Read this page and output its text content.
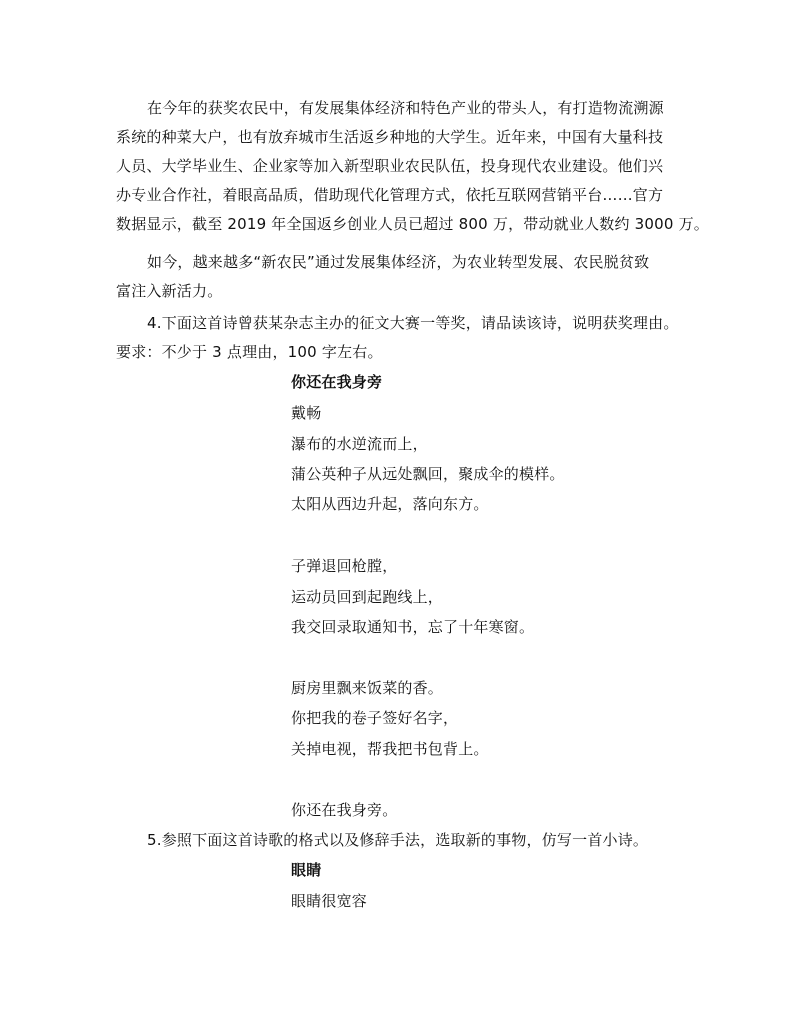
在今年的获奖农民中，有发展集体经济和特色产业的带头人，有打造物流溯源
系统的种菜大户，也有放弃城市生活返乡种地的大学生。近年来，中国有大量科技
人员、大学毕业生、企业家等加入新型职业农民队伍，投身现代农业建设。他们兴
办专业合作社，着眼高品质，借助现代化管理方式，依托互联网营销平台……官方
数据显示，截至 2019 年全国返乡创业人员已超过 800 万，带动就业人数约 3000 万。
如今，越来越多“新农民”通过发展集体经济，为农业转型发展、农民脱贫致
富注入新活力。
4.下面这首诗曾获某杂志主办的征文大赛一等奖，请品读该诗，说明获奖理由。
要求：不少于 3 点理由，100 字左右。
你还在我身旁
戴畅
瀑布的水逆流而上，
蒲公英种子从远处飘回，聚成伞的模样。
太阳从西边升起，落向东方。
子弹退回枪膛，
运动员回到起跑线上，
我交回录取通知书，忘了十年寒窗。
厨房里飘来饭菜的香。
你把我的卷子签好名字，
关掉电视，帮我把书包背上。
你还在我身旁。
5.参照下面这首诗歌的格式以及修辞手法，选取新的事物，仿写一首小诗。
眼睛
眼睛很宽容
